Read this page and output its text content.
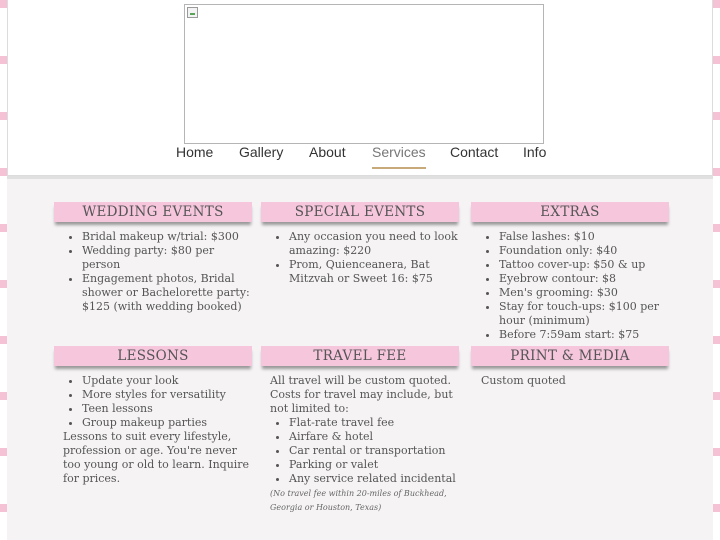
Home Gallery About Services Contact Info
WEDDING EVENTS
• Bridal makeup w/trial: $300
• Wedding party: $80 per person
• Engagement photos, Bridal shower or Bachelorette party: $125 (with wedding booked)
SPECIAL EVENTS
• Any occasion you need to look amazing: $220
• Prom, Quienceanera, Bat Mitzvah or Sweet 16: $75
EXTRAS
• False lashes: $10
• Foundation only: $40
• Tattoo cover-up: $50 & up
• Eyebrow contour: $8
• Men's grooming: $30
• Stay for touch-ups: $100 per hour (minimum)
• Before 7:59am start: $75
LESSONS
• Update your look
• More styles for versatility
• Teen lessons
• Group makeup parties

Lessons to suit every lifestyle, profession or age. You're never too young or old to learn. Inquire for prices.

TRAVEL FEE

All travel will be custom quoted. Costs for travel may include, but not limited to:

• Flat-rate travel fee
• Airfare & hotel
• Car rental or transportation
• Parking or valet
• Any service related incidental

(No travel fee within 20-miles of Buckhead, Georgia or Houston, Texas)

PRINT & MEDIA

Custom quoted
